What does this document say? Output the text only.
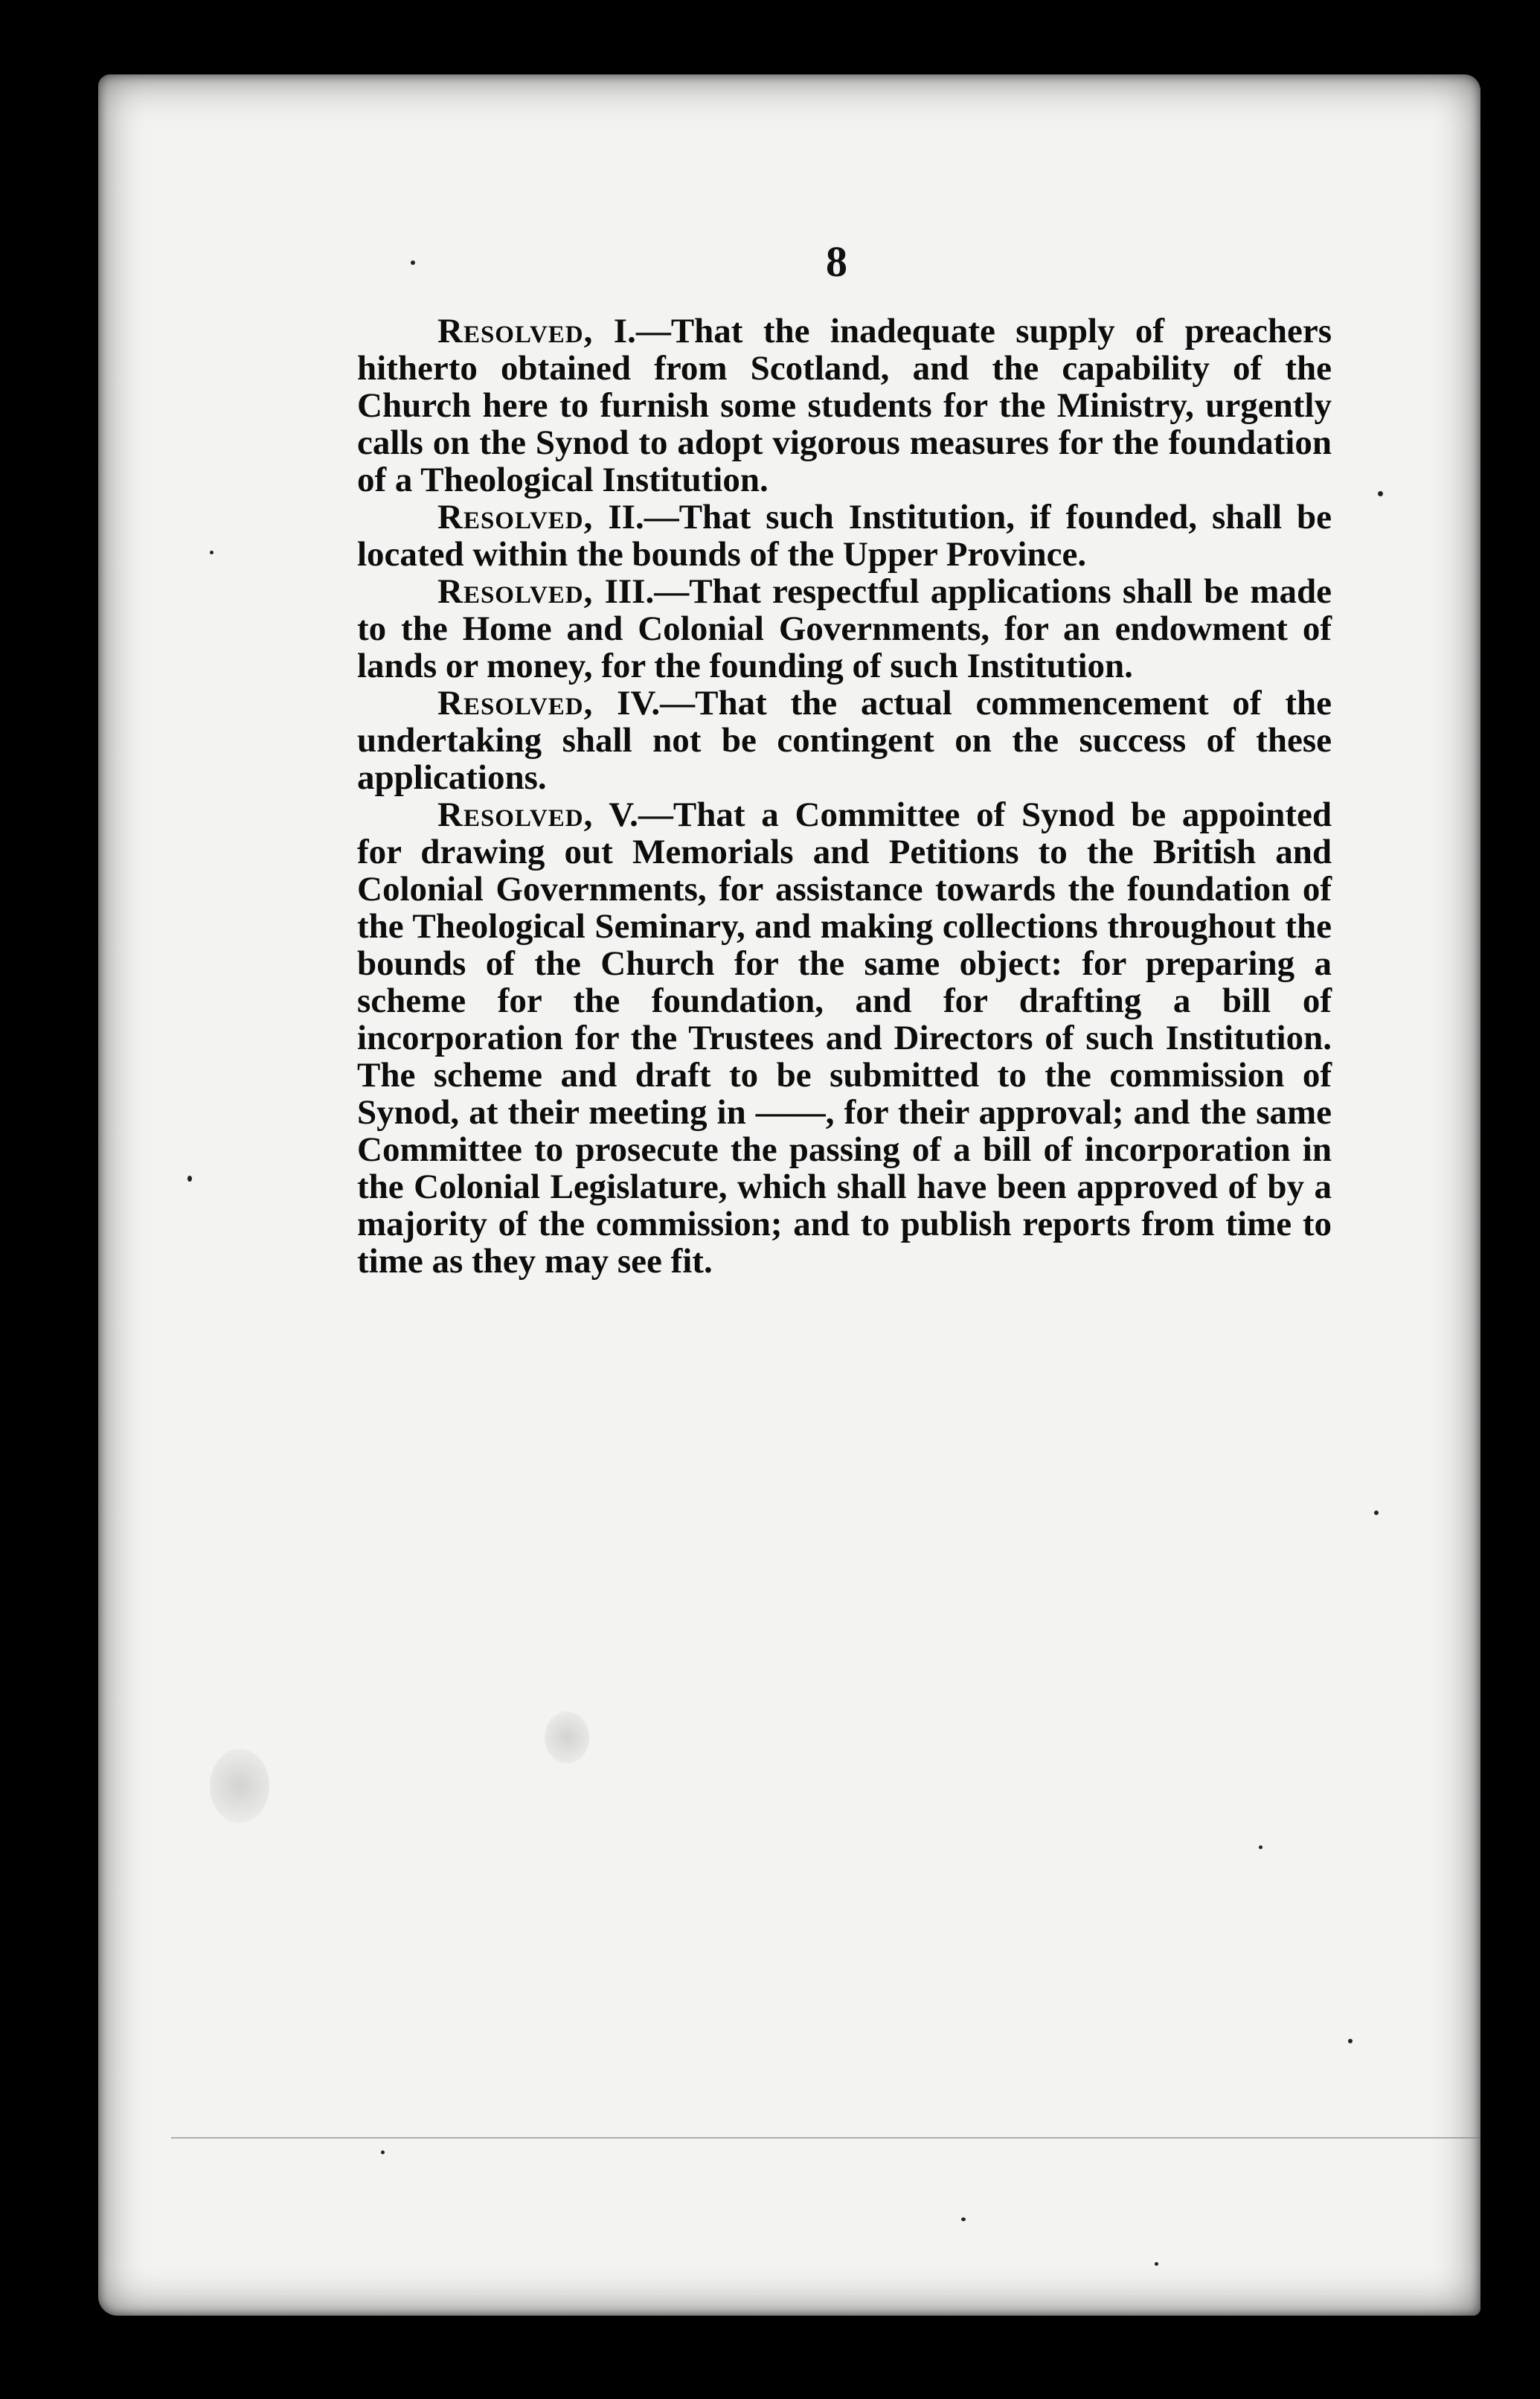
8

Resolved, I.—That the inadequate supply of preachers hitherto obtained from Scotland, and the capability of the Church here to furnish some students for the Ministry, urgently calls on the Synod to adopt vigorous measures for the foundation of a Theological Institution.

Resolved, II.—That such Institution, if founded, shall be located within the bounds of the Upper Province.

Resolved, III.—That respectful applications shall be made to the Home and Colonial Governments, for an endowment of lands or money, for the founding of such Institution.

Resolved, IV.—That the actual commencement of the undertaking shall not be contingent on the success of these applications.

Resolved, V.—That a Committee of Synod be appointed for drawing out Memorials and Petitions to the British and Colonial Governments, for assistance towards the foundation of the Theological Seminary, and making collections throughout the bounds of the Church for the same object: for preparing a scheme for the foundation, and for drafting a bill of incorporation for the Trustees and Directors of such Institution. The scheme and draft to be submitted to the commission of Synod, at their meeting in ——, for their approval; and the same Committee to prosecute the passing of a bill of incorporation in the Colonial Legislature, which shall have been approved of by a majority of the commission; and to publish reports from time to time as they may see fit.
